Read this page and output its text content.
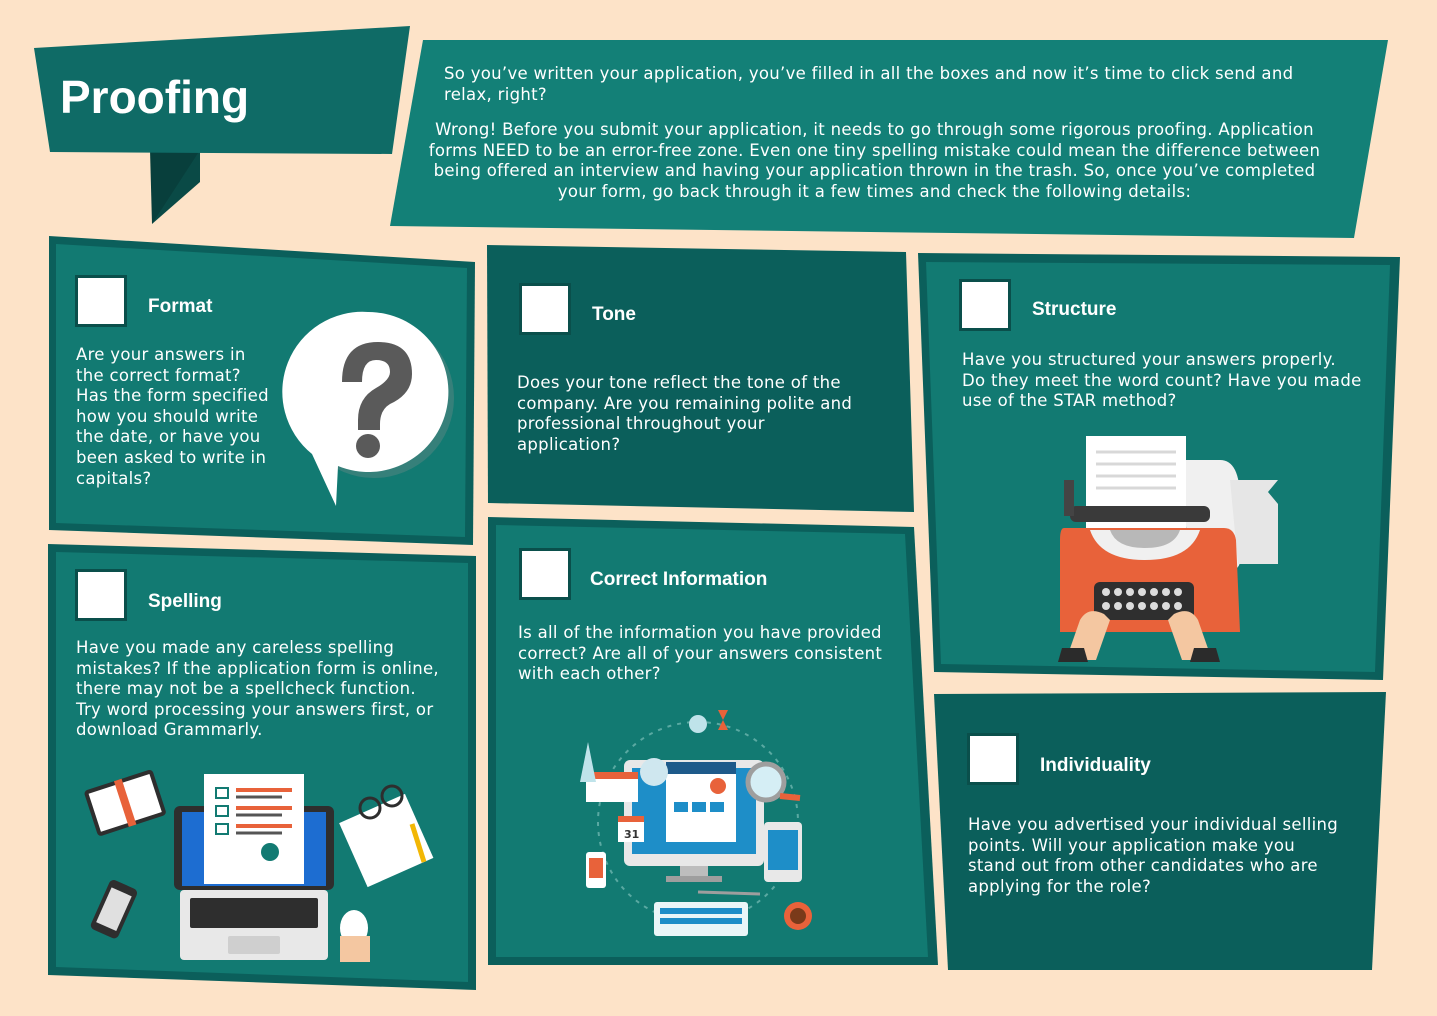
Proofing	So you’ve written your application, you’ve filled in all the boxes and now it’s time to click send and relax, right?
Wrong! Before you submit your application, it needs to go through some rigorous proofing. Application forms NEED to be an error-free zone. Even one tiny spelling mistake could mean the difference between being offered an interview and having your application thrown in the trash. So, once you’ve completed your form, go back through it a few times and check the following details:
Format
Are your answers in the correct format? Has the form specified how you should write the date, or have you been asked to write in capitals?
Tone
Does your tone reflect the tone of the company. Are you remaining polite and professional throughout your application?
Structure
Have you structured your answers properly. Do they meet the word count? Have you made use of the STAR method?
Spelling
Have you made any careless spelling mistakes? If the application form is online, there may not be a spellcheck function. Try word processing your answers first, or download Grammarly.
Correct Information
Is all of the information you have provided correct? Are all of your answers consistent with each other?
31
Individuality
Have you advertised your individual selling points. Will your application make you stand out from other candidates who are applying for the role?
